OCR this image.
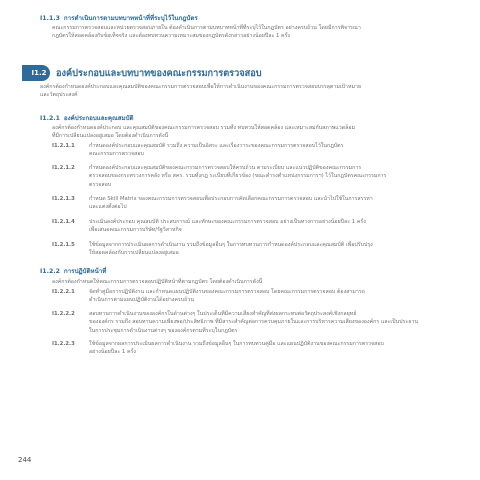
I1.1.3 การดำเนินการตามบทบาทหน้าที่ที่ระบุไว้ในกฎบัตร
คณะกรรมการตรวจสอบและหน่วยตรวจสอบภายใน ต้องดำเนินการตามบทบาทหน้าที่ที่ระบุไว้ในกฎบัตร อย่างครบถ้วน โดยมีการพิจารณา
กฎบัตรให้สอดคล้องกับข้อเท็จจริง และต้องทบทวนความเหมาะสมของกฎบัตรดังกล่าวอย่างน้อยปีละ 1 ครั้ง
I1.2	องค์ประกอบและบทบาทของคณะกรรมการตรวจสอบ
องค์กรต้องกำหนดองค์ประกอบและคุณสมบัติของคณะกรรมการตรวจสอบเพื่อให้การดำเนินงานของคณะกรรมการตรวจสอบบรรลุตามเป้าหมาย
และวัตถุประสงค์
I1.2.1 องค์ประกอบและคุณสมบัติ
องค์กรต้องกำหนดองค์ประกอบ และคุณสมบัติของคณะกรรมการตรวจสอบ รวมทั้ง ทบทวนให้สอดคล้อง และเหมาะสมกับสภาพแวดล้อม
ที่มีการเปลี่ยนแปลงอยู่เสมอ โดยต้องดำเนินการดังนี้
I1.2.1.1	กำหนดองค์ประกอบและคุณสมบัติ รวมถึง ความเป็นอิสระ และเรื่องวาระของคณะกรรมการตรวจสอบไว้ในกฎบัตร
คณะกรรมการตรวจสอบ
I1.2.1.2	กำหนดองค์ประกอบและคุณสมบัติของคณะกรรมการตรวจสอบให้ครบถ้วน ตามระเบียบ และแนวปฏิบัติของคณะกรรมการ
ตรวจสอบของกระทรวงการคลัง หรือ สคร. รวมทั้งกฎ ระเบียบที่เกี่ยวข้อง (ขณะดำรงตำแหน่งกรรมการฯ) ไว้ในกฎบัตรคณะกรรมการ
ตรวจสอบ
I1.2.1.3	กำหนด Skill Matrix ของคณะกรรมการตรวจสอบเพื่อประกอบการคัดเลือกคณะกรรมการตรวจสอบ และนำไปใช้ในการสรรหา
และแต่งตั้งต่อไป
I1.2.1.4	ประเมินองค์ประกอบ คุณสมบัติ ประสบการณ์ และทักษะของคณะกรรมการตรวจสอบ อย่างเป็นทางการอย่างน้อยปีละ 1 ครั้ง
เพื่อเสนอคณะกรรมการบริษัท/รัฐวิสาหกิจ
I1.2.1.5	ใช้ข้อมูลจากการประเมินผลการดำเนินงาน รวมถึงข้อมูลอื่นๆ ในการทบทวนการกำหนดองค์ประกอบและคุณสมบัติ เพื่อปรับปรุง
ให้สอดคล้องกับการเปลี่ยนแปลงอยู่เสมอ
I1.2.2 การปฏิบัติหน้าที่
องค์กรต้องกำหนดให้คณะกรรมการตรวจสอบปฏิบัติหน้าที่ตามกฎบัตร โดยต้องดำเนินการดังนี้
I1.2.2.1	จัดทำคู่มือการปฏิบัติงาน และกำหนดแผนปฏิบัติงานของคณะกรรมการตรวจสอบ โดยคณะกรรมการตรวจสอบ ต้องสามารถ
ดำเนินการตามแผนปฏิบัติงานได้อย่างครบถ้วน
I1.2.2.2	สอบทานการดำเนินงานขององค์กรในด้านต่างๆ ในประเด็นที่มีความเสี่ยงสำคัญที่ส่งผลกระทบต่อวัตถุประสงค์เชิงกลยุทธ์
ขององค์กร รวมถึง สอบทานความเพียงพอ/ประสิทธิภาพ ที่มีสาระสำคัญต่อการควบคุมภายในและการบริหารความเสี่ยงขององค์กร และเป็นประธาน
ในการประชุมการดำเนินงานต่างๆ ขององค์กรตามที่ระบุในกฎบัตร
I1.2.2.3	ใช้ข้อมูลจากผลการประเมินผลการดำเนินงาน รวมถึงข้อมูลอื่นๆ ในการทบทวนคู่มือ และแผนปฏิบัติงานของคณะกรรมการตรวจสอบ
อย่างน้อยปีละ 1 ครั้ง
244
